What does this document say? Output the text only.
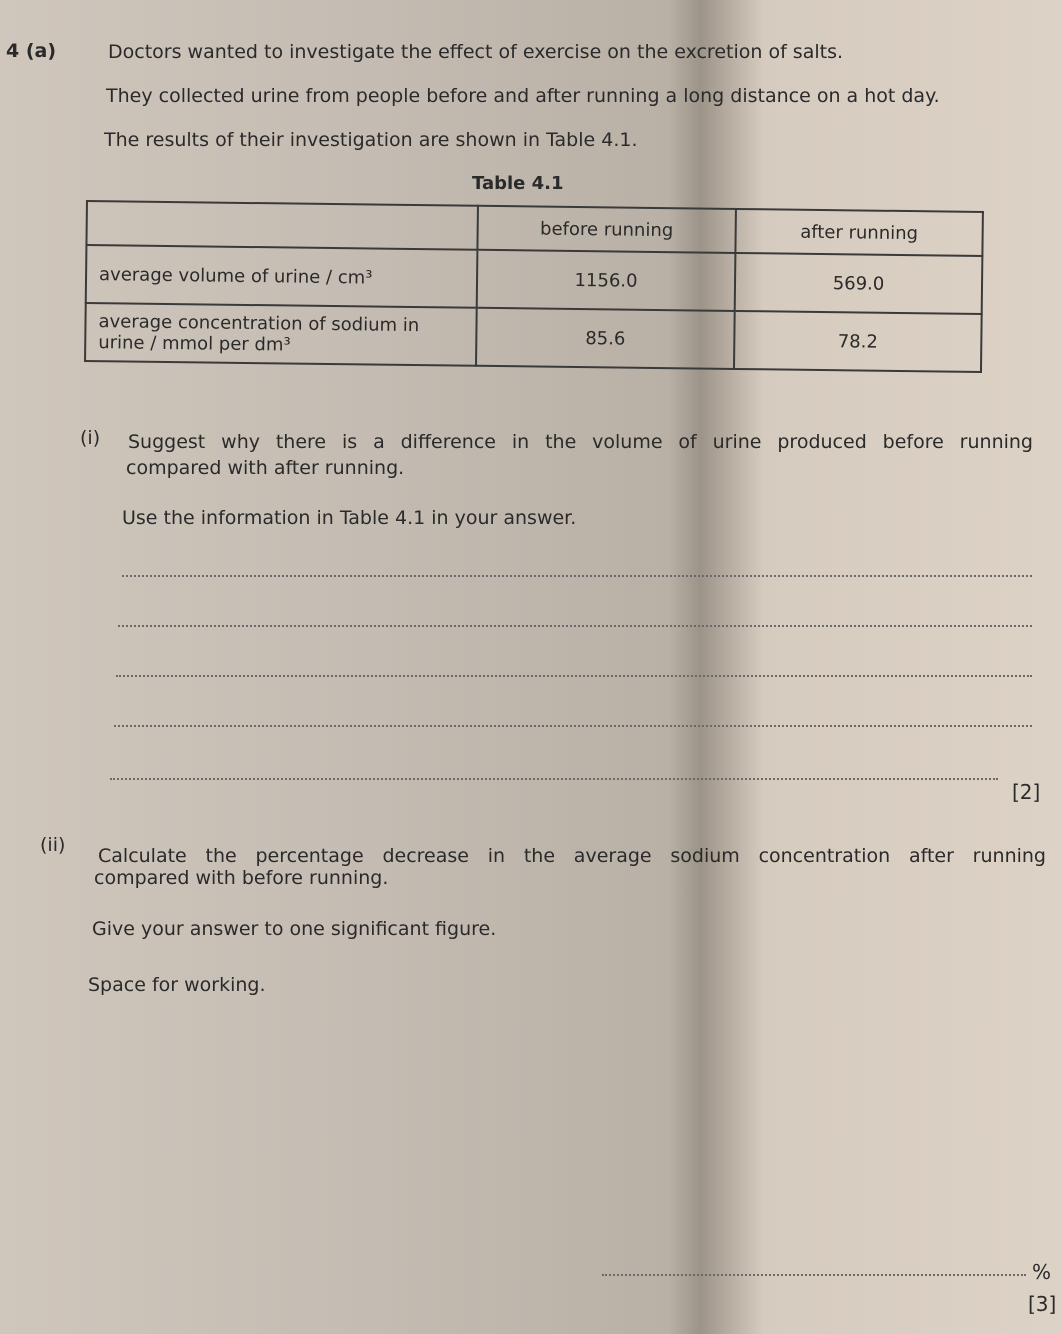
4 (a)	Doctors wanted to investigate the effect of exercise on the excretion of salts.
They collected urine from people before and after running a long distance on a hot day.
The results of their investigation are shown in Table 4.1.
Table 4.1
	before running	after running
average volume of urine / cm³	1156.0	569.0

average concentration of sodium in
urine / mmol per dm³	85.6	78.2
(i) Suggest why there is a difference in the volume of urine produced before running
compared with after running.
Use the information in Table 4.1 in your answer.
[2]
(ii) Calculate the percentage decrease in the average sodium concentration after running
compared with before running.
Give your answer to one significant figure.
Space for working.
%
[3]
